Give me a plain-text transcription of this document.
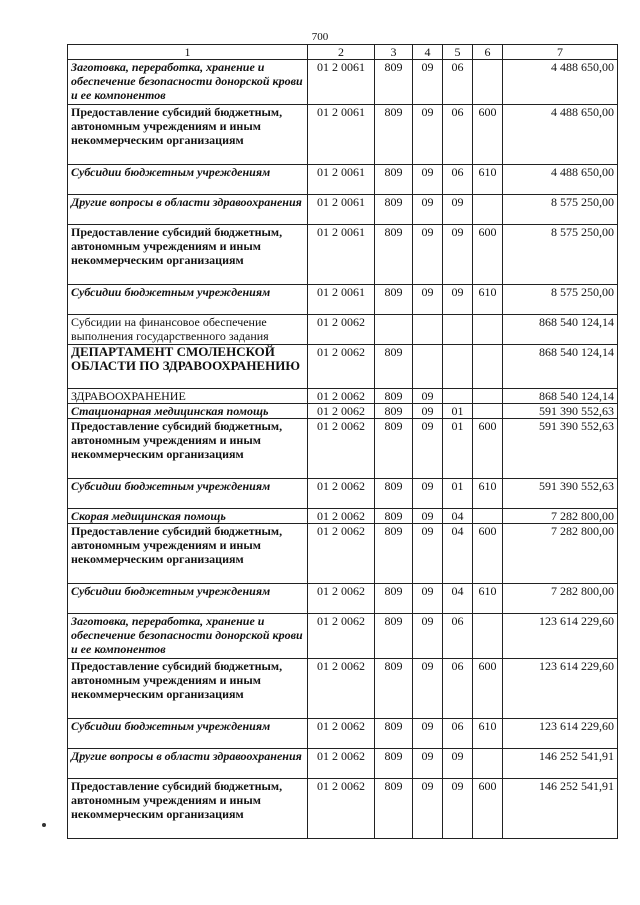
700
1	2	3	4	5	6	7
Заготовка, переработка, хранение и обеспечение безопасности донорской крови и ее компонентов	01 2 0061	809	09	06		4 488 650,00
Предоставление субсидий бюджетным, автономным учреждениям и иным некоммерческим организациям	01 2 0061	809	09	06	600	4 488 650,00
Субсидии бюджетным учреждениям	01 2 0061	809	09	06	610	4 488 650,00
Другие вопросы в области здравоохранения	01 2 0061	809	09	09		8 575 250,00
Предоставление субсидий бюджетным, автономным учреждениям и иным некоммерческим организациям	01 2 0061	809	09	09	600	8 575 250,00
Субсидии бюджетным учреждениям	01 2 0061	809	09	09	610	8 575 250,00
Субсидии на финансовое обеспечение выполнения государственного задания	01 2 0062					868 540 124,14
ДЕПАРТАМЕНТ СМОЛЕНСКОЙ ОБЛАСТИ ПО ЗДРАВООХРАНЕНИЮ	01 2 0062	809				868 540 124,14
ЗДРАВООХРАНЕНИЕ	01 2 0062	809	09			868 540 124,14
Стационарная медицинская помощь	01 2 0062	809	09	01		591 390 552,63
Предоставление субсидий бюджетным, автономным учреждениям и иным некоммерческим организациям	01 2 0062	809	09	01	600	591 390 552,63
Субсидии бюджетным учреждениям	01 2 0062	809	09	01	610	591 390 552,63
Скорая медицинская помощь	01 2 0062	809	09	04		7 282 800,00
Предоставление субсидий бюджетным, автономным учреждениям и иным некоммерческим организациям	01 2 0062	809	09	04	600	7 282 800,00
Субсидии бюджетным учреждениям	01 2 0062	809	09	04	610	7 282 800,00
Заготовка, переработка, хранение и обеспечение безопасности донорской крови и ее компонентов	01 2 0062	809	09	06		123 614 229,60
Предоставление субсидий бюджетным, автономным учреждениям и иным некоммерческим организациям	01 2 0062	809	09	06	600	123 614 229,60
Субсидии бюджетным учреждениям	01 2 0062	809	09	06	610	123 614 229,60
Другие вопросы в области здравоохранения	01 2 0062	809	09	09		146 252 541,91
Предоставление субсидий бюджетным, автономным учреждениям и иным некоммерческим организациям	01 2 0062	809	09	09	600	146 252 541,91
